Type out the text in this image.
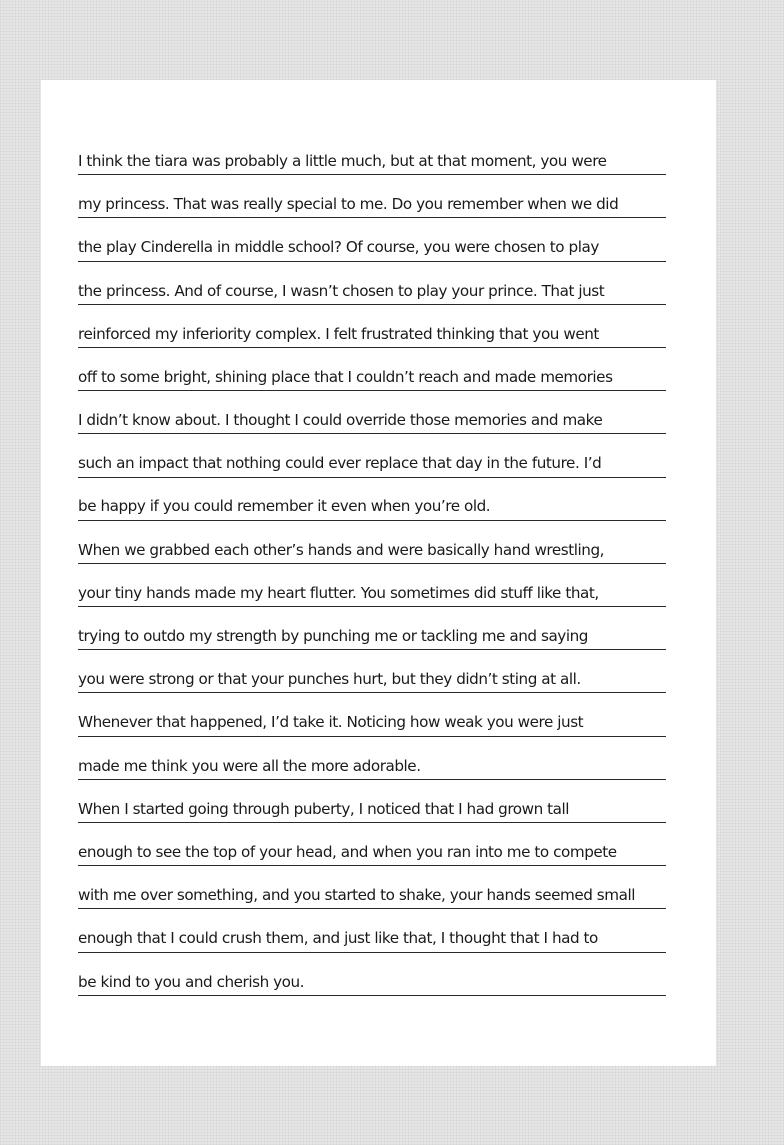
I think the tiara was probably a little much, but at that moment, you were
my princess. That was really special to me. Do you remember when we did
the play Cinderella in middle school? Of course, you were chosen to play
the princess. And of course, I wasn’t chosen to play your prince. That just
reinforced my inferiority complex. I felt frustrated thinking that you went
off to some bright, shining place that I couldn’t reach and made memories
I didn’t know about. I thought I could override those memories and make
such an impact that nothing could ever replace that day in the future. I’d
be happy if you could remember it even when you’re old.
When we grabbed each other’s hands and were basically hand wrestling,
your tiny hands made my heart flutter. You sometimes did stuff like that,
trying to outdo my strength by punching me or tackling me and saying
you were strong or that your punches hurt, but they didn’t sting at all.
Whenever that happened, I’d take it. Noticing how weak you were just
made me think you were all the more adorable.
When I started going through puberty, I noticed that I had grown tall
enough to see the top of your head, and when you ran into me to compete
with me over something, and you started to shake, your hands seemed small
enough that I could crush them, and just like that, I thought that I had to
be kind to you and cherish you.
